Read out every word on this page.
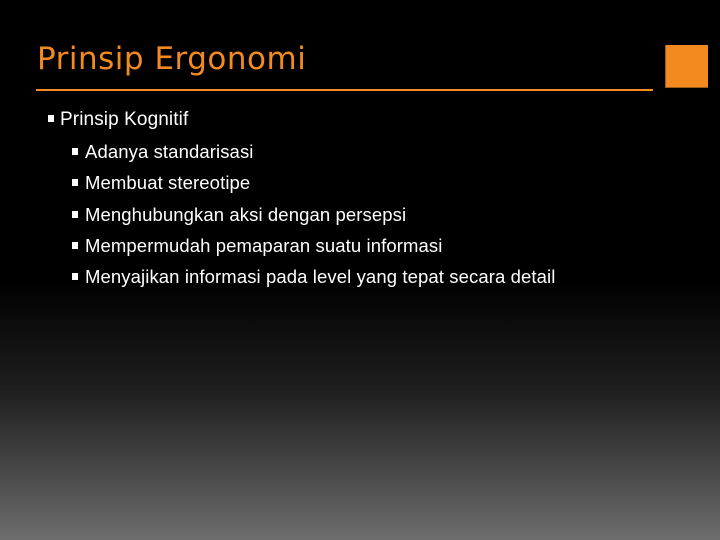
Prinsip Ergonomi
Prinsip Kognitif
Adanya standarisasi
Membuat stereotipe
Menghubungkan aksi dengan persepsi
Mempermudah pemaparan suatu informasi
Menyajikan informasi pada level yang tepat secara detail
